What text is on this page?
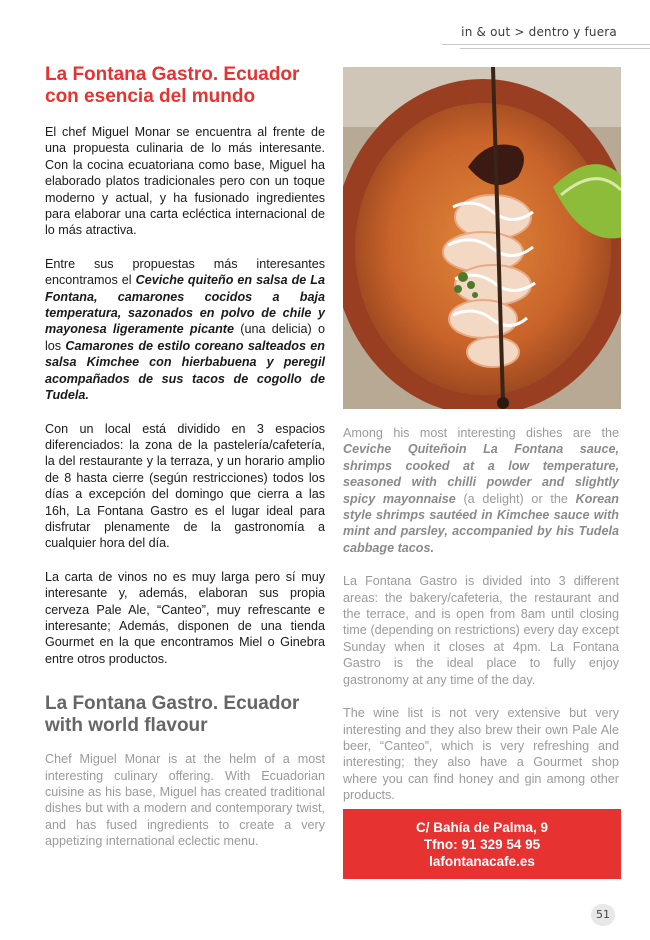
in & out > dentro y fuera
La Fontana Gastro. Ecuador con esencia del mundo

El chef Miguel Monar se encuentra al frente de una propuesta culinaria de lo más interesante. Con la cocina ecuatoriana como base, Miguel ha elaborado platos tradicionales pero con un toque moderno y actual, y ha fusionado ingredientes para elaborar una carta ecléctica internacional de lo más atractiva.

Entre sus propuestas más interesantes encontramos el Ceviche quiteño en salsa de La Fontana, camarones cocidos a baja temperatura, sazonados en polvo de chile y mayonesa ligeramente picante (una delicia) o los Camarones de estilo coreano salteados en salsa Kimchee con hierbabuena y peregil acompañados de sus tacos de cogollo de Tudela.

Con un local está dividido en 3 espacios diferenciados: la zona de la pastelería/cafetería, la del restaurante y la terraza, y un horario amplio de 8 hasta cierre (según restricciones) todos los días a excepción del domingo que cierra a las 16h, La Fontana Gastro es el lugar ideal para disfrutar plenamente de la gastronomía a cualquier hora del día.

La carta de vinos no es muy larga pero sí muy interesante y, además, elaboran sus propia cerveza Pale Ale, “Canteo”, muy refrescante e interesante; Además, disponen de una tienda Gourmet en la que encontramos Miel o Ginebra entre otros productos.

La Fontana Gastro. Ecuador with world flavour

Chef Miguel Monar is at the helm of a most interesting culinary offering. With Ecuadorian cuisine as his base, Miguel has created traditional dishes but with a modern and contemporary twist, and has fused ingredients to create a very appetizing international eclectic menu.

Among his most interesting dishes are the Ceviche Quiteñoin La Fontana sauce, shrimps cooked at a low temperature, seasoned with chilli powder and slightly spicy mayonnaise (a delight) or the Korean style shrimps sautéed in Kimchee sauce with mint and parsley, accompanied by his Tudela cabbage tacos.

La Fontana Gastro is divided into 3 different areas: the bakery/cafeteria, the restaurant and the terrace, and is open from 8am until closing time (depending on restrictions) every day except Sunday when it closes at 4pm. La Fontana Gastro is the ideal place to fully enjoy gastronomy at any time of the day.

The wine list is not very extensive but very interesting and they also brew their own Pale Ale beer, “Canteo”, which is very refreshing and interesting; they also have a Gourmet shop where you can find honey and gin among other products.

C/ Bahía de Palma, 9
Tfno: 91 329 54 95
lafontanacafe.es
51
